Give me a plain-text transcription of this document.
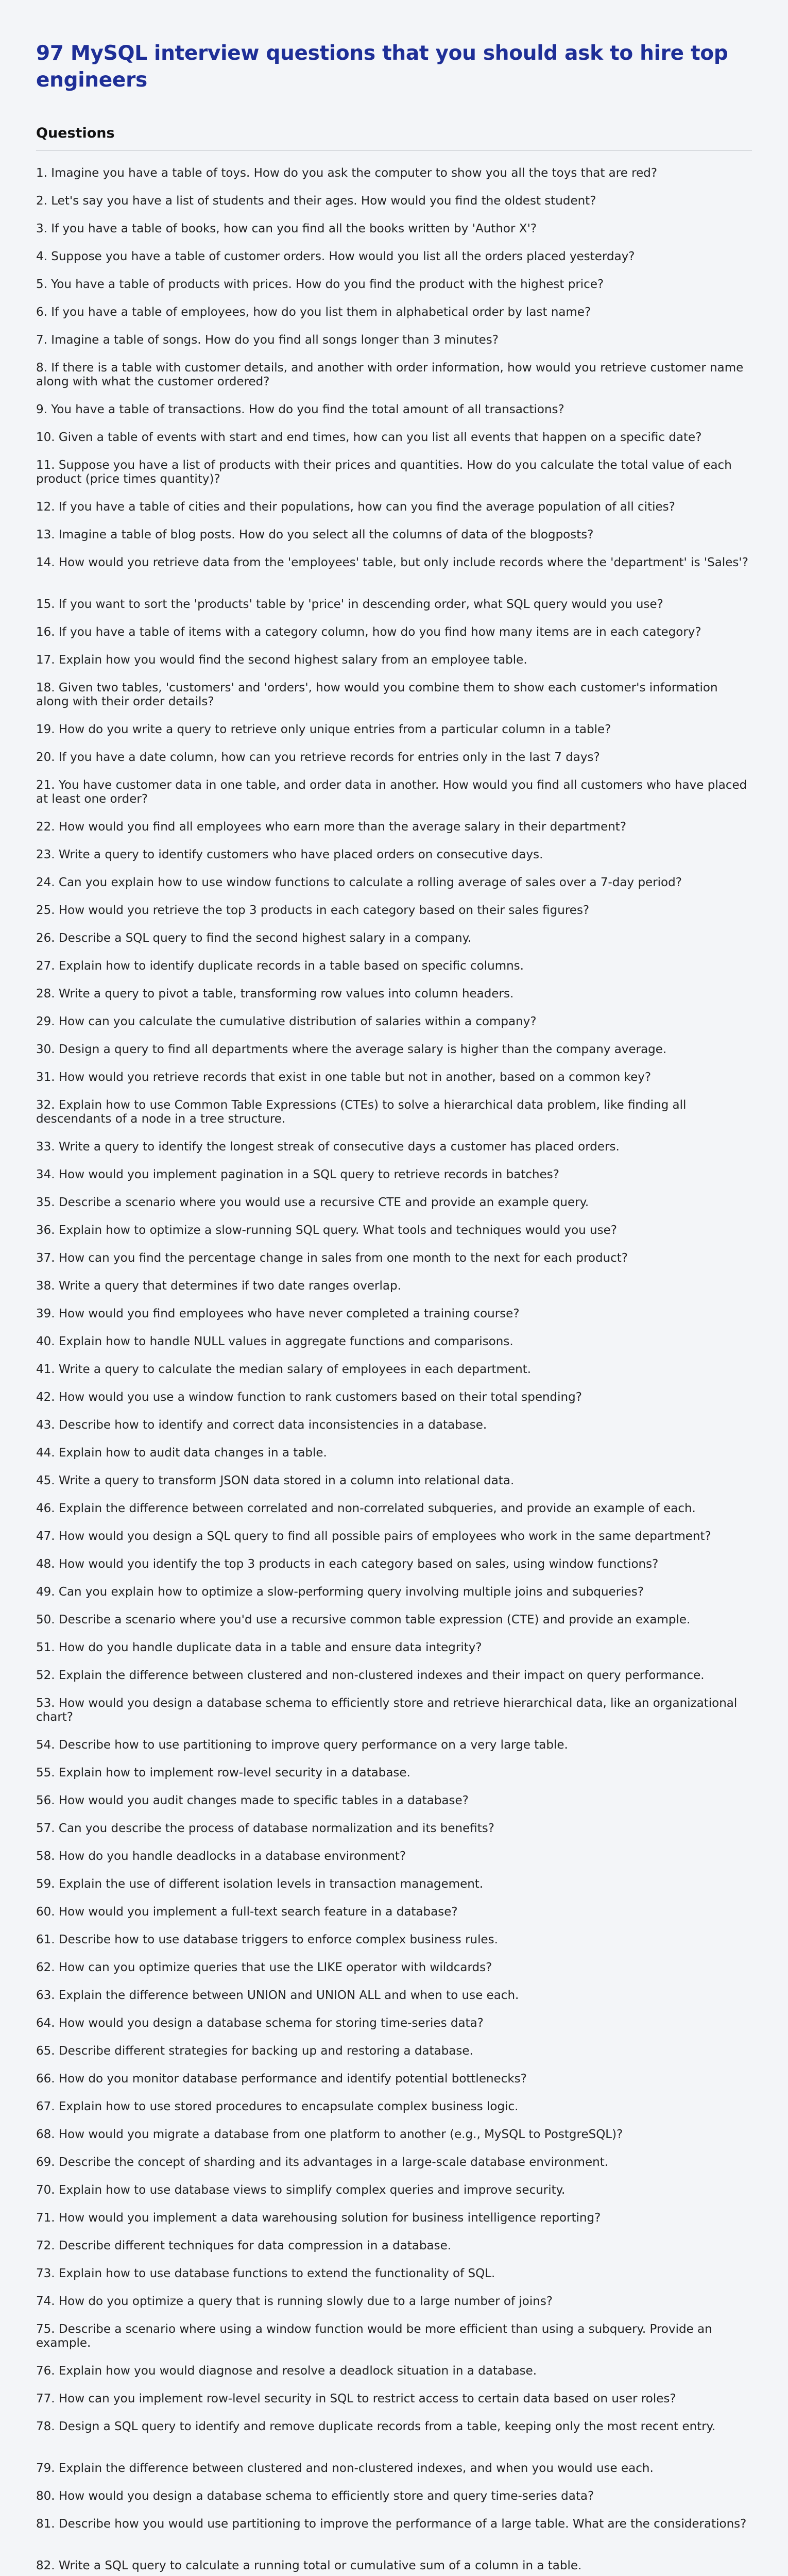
97 MySQL interview questions that you should ask to hire top engineers
Questions
1. Imagine you have a table of toys. How do you ask the computer to show you all the toys that are red?
2. Let's say you have a list of students and their ages. How would you find the oldest student?
3. If you have a table of books, how can you find all the books written by 'Author X'?
4. Suppose you have a table of customer orders. How would you list all the orders placed yesterday?
5. You have a table of products with prices. How do you find the product with the highest price?
6. If you have a table of employees, how do you list them in alphabetical order by last name?
7. Imagine a table of songs. How do you find all songs longer than 3 minutes?
8. If there is a table with customer details, and another with order information, how would you retrieve customer name along with what the customer ordered?
9. You have a table of transactions. How do you find the total amount of all transactions?
10. Given a table of events with start and end times, how can you list all events that happen on a specific date?
11. Suppose you have a list of products with their prices and quantities. How do you calculate the total value of each product (price times quantity)?
12. If you have a table of cities and their populations, how can you find the average population of all cities?
13. Imagine a table of blog posts. How do you select all the columns of data of the blogposts?
14. How would you retrieve data from the 'employees' table, but only include records where the 'department' is 'Sales'?
15. If you want to sort the 'products' table by 'price' in descending order, what SQL query would you use?
16. If you have a table of items with a category column, how do you find how many items are in each category?
17. Explain how you would find the second highest salary from an employee table.
18. Given two tables, 'customers' and 'orders', how would you combine them to show each customer's information along with their order details?
19. How do you write a query to retrieve only unique entries from a particular column in a table?
20. If you have a date column, how can you retrieve records for entries only in the last 7 days?
21. You have customer data in one table, and order data in another. How would you find all customers who have placed at least one order?
22. How would you find all employees who earn more than the average salary in their department?
23. Write a query to identify customers who have placed orders on consecutive days.
24. Can you explain how to use window functions to calculate a rolling average of sales over a 7-day period?
25. How would you retrieve the top 3 products in each category based on their sales figures?
26. Describe a SQL query to find the second highest salary in a company.
27. Explain how to identify duplicate records in a table based on specific columns.
28. Write a query to pivot a table, transforming row values into column headers.
29. How can you calculate the cumulative distribution of salaries within a company?
30. Design a query to find all departments where the average salary is higher than the company average.
31. How would you retrieve records that exist in one table but not in another, based on a common key?
32. Explain how to use Common Table Expressions (CTEs) to solve a hierarchical data problem, like finding all descendants of a node in a tree structure.
33. Write a query to identify the longest streak of consecutive days a customer has placed orders.
34. How would you implement pagination in a SQL query to retrieve records in batches?
35. Describe a scenario where you would use a recursive CTE and provide an example query.
36. Explain how to optimize a slow-running SQL query. What tools and techniques would you use?
37. How can you find the percentage change in sales from one month to the next for each product?
38. Write a query that determines if two date ranges overlap.
39. How would you find employees who have never completed a training course?
40. Explain how to handle NULL values in aggregate functions and comparisons.
41. Write a query to calculate the median salary of employees in each department.
42. How would you use a window function to rank customers based on their total spending?
43. Describe how to identify and correct data inconsistencies in a database.
44. Explain how to audit data changes in a table.
45. Write a query to transform JSON data stored in a column into relational data.
46. Explain the difference between correlated and non-correlated subqueries, and provide an example of each.
47. How would you design a SQL query to find all possible pairs of employees who work in the same department?
48. How would you identify the top 3 products in each category based on sales, using window functions?
49. Can you explain how to optimize a slow-performing query involving multiple joins and subqueries?
50. Describe a scenario where you'd use a recursive common table expression (CTE) and provide an example.
51. How do you handle duplicate data in a table and ensure data integrity?
52. Explain the difference between clustered and non-clustered indexes and their impact on query performance.
53. How would you design a database schema to efficiently store and retrieve hierarchical data, like an organizational chart?
54. Describe how to use partitioning to improve query performance on a very large table.
55. Explain how to implement row-level security in a database.
56. How would you audit changes made to specific tables in a database?
57. Can you describe the process of database normalization and its benefits?
58. How do you handle deadlocks in a database environment?
59. Explain the use of different isolation levels in transaction management.
60. How would you implement a full-text search feature in a database?
61. Describe how to use database triggers to enforce complex business rules.
62. How can you optimize queries that use the LIKE operator with wildcards?
63. Explain the difference between UNION and UNION ALL and when to use each.
64. How would you design a database schema for storing time-series data?
65. Describe different strategies for backing up and restoring a database.
66. How do you monitor database performance and identify potential bottlenecks?
67. Explain how to use stored procedures to encapsulate complex business logic.
68. How would you migrate a database from one platform to another (e.g., MySQL to PostgreSQL)?
69. Describe the concept of sharding and its advantages in a large-scale database environment.
70. Explain how to use database views to simplify complex queries and improve security.
71. How would you implement a data warehousing solution for business intelligence reporting?
72. Describe different techniques for data compression in a database.
73. Explain how to use database functions to extend the functionality of SQL.
74. How do you optimize a query that is running slowly due to a large number of joins?
75. Describe a scenario where using a window function would be more efficient than using a subquery. Provide an example.
76. Explain how you would diagnose and resolve a deadlock situation in a database.
77. How can you implement row-level security in SQL to restrict access to certain data based on user roles?
78. Design a SQL query to identify and remove duplicate records from a table, keeping only the most recent entry.
79. Explain the difference between clustered and non-clustered indexes, and when you would use each.
80. How would you design a database schema to efficiently store and query time-series data?
81. Describe how you would use partitioning to improve the performance of a large table. What are the considerations?
82. Write a SQL query to calculate a running total or cumulative sum of a column in a table.
